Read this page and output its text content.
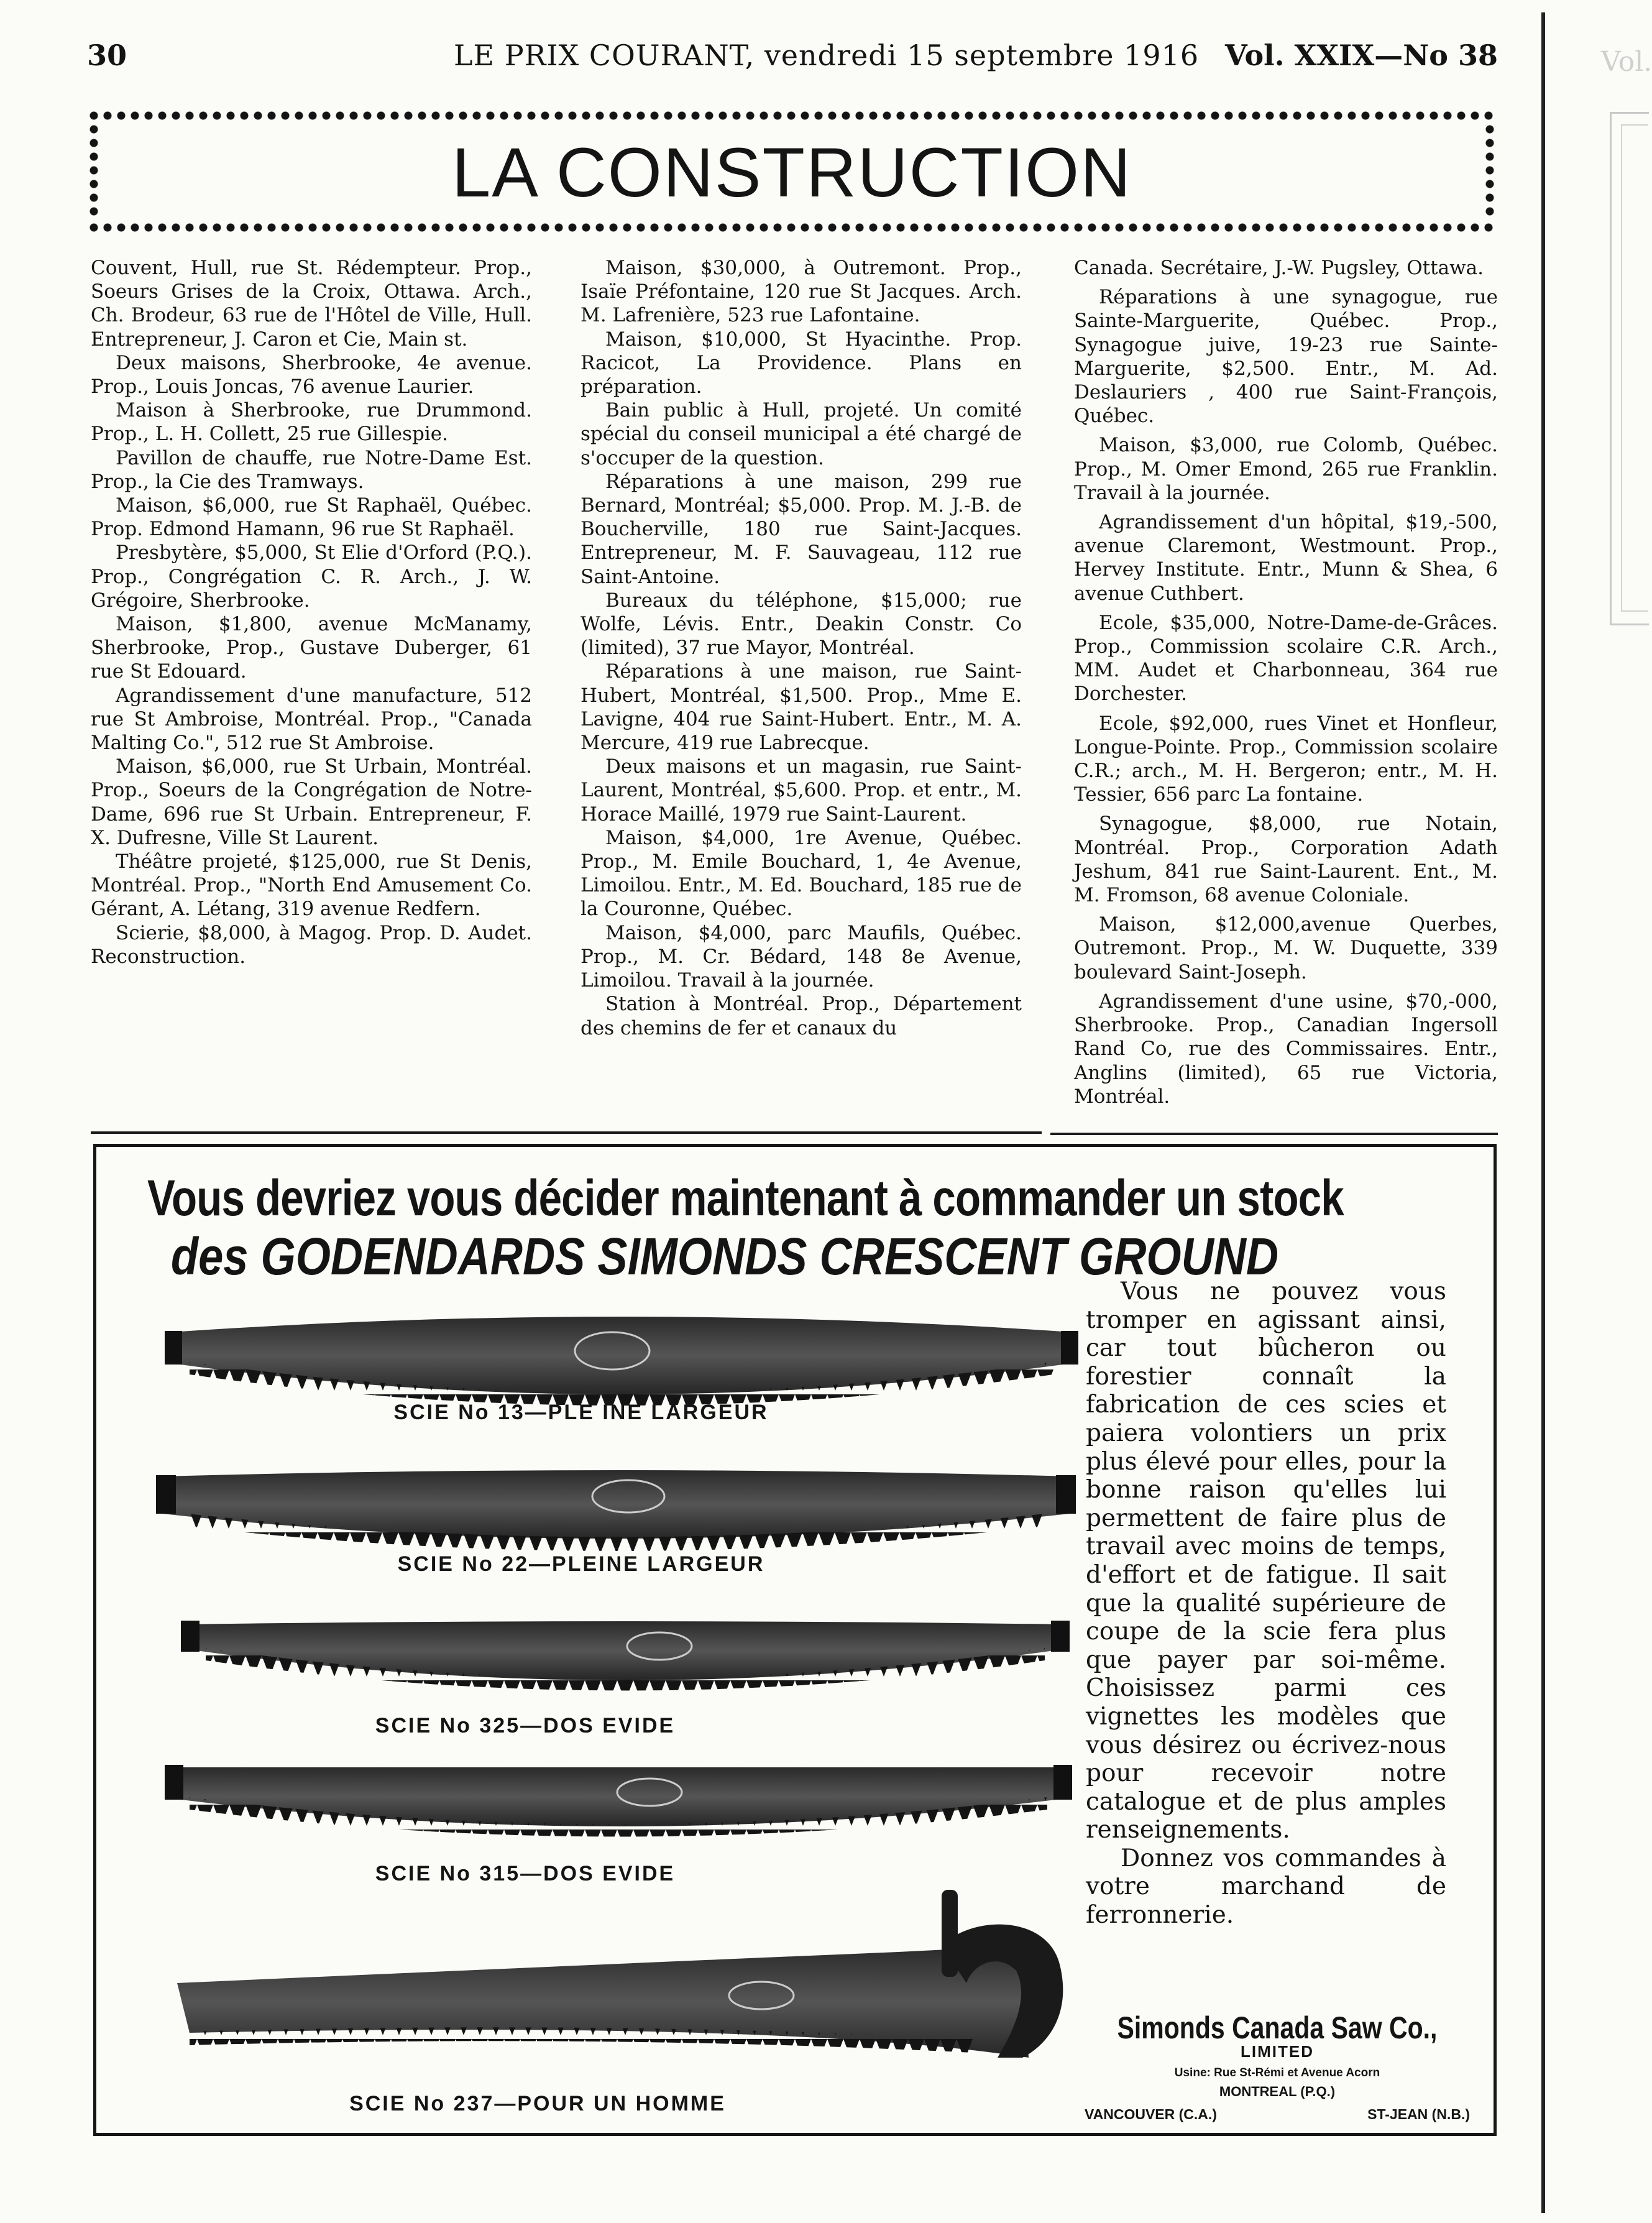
30	LE PRIX COURANT, vendredi 15 septembre 1916 Vol. XXIX—No 38	Vol.
LA CONSTRUCTION

Couvent, Hull, rue St. Rédempteur. Prop., Soeurs Grises de la Croix, Ottawa. Arch., Ch. Brodeur, 63 rue de l'Hôtel de Ville, Hull. Entrepreneur, J. Caron et Cie, Main st.

Deux maisons, Sherbrooke, 4e avenue. Prop., Louis Joncas, 76 avenue Laurier.

Maison à Sherbrooke, rue Drummond. Prop., L. H. Collett, 25 rue Gillespie.

Pavillon de chauffe, rue Notre-Dame Est. Prop., la Cie des Tramways.

Maison, $6,000, rue St Raphaël, Québec. Prop. Edmond Hamann, 96 rue St Raphaël.

Presbytère, $5,000, St Elie d'Orford (P.Q.). Prop., Congrégation C. R. Arch., J. W. Grégoire, Sherbrooke.

Maison, $1,800, avenue McManamy, Sherbrooke, Prop., Gustave Duberger, 61 rue St Edouard.

Agrandissement d'une manufacture, 512 rue St Ambroise, Montréal. Prop., "Canada Malting Co.", 512 rue St Ambroise.

Maison, $6,000, rue St Urbain, Montréal. Prop., Soeurs de la Congrégation de Notre-Dame, 696 rue St Urbain. Entrepreneur, F. X. Dufresne, Ville St Laurent.

Théâtre projeté, $125,000, rue St Denis, Montréal. Prop., "North End Amusement Co. Gérant, A. Létang, 319 avenue Redfern.

Scierie, $8,000, à Magog. Prop. D. Audet. Reconstruction.

Maison, $30,000, à Outremont. Prop., Isaïe Préfontaine, 120 rue St Jacques. Arch. M. Lafrenière, 523 rue Lafontaine.

Maison, $10,000, St Hyacinthe. Prop. Racicot, La Providence. Plans en préparation.

Bain public à Hull, projeté. Un comité spécial du conseil municipal a été chargé de s'occuper de la question.

Réparations à une maison, 299 rue Bernard, Montréal; $5,000. Prop. M. J.-B. de Boucherville, 180 rue Saint-Jacques. Entrepreneur, M. F. Sauvageau, 112 rue Saint-Antoine.

Bureaux du téléphone, $15,000; rue Wolfe, Lévis. Entr., Deakin Constr. Co (limited), 37 rue Mayor, Montréal.

Réparations à une maison, rue Saint-Hubert, Montréal, $1,500. Prop., Mme E. Lavigne, 404 rue Saint-Hubert. Entr., M. A. Mercure, 419 rue Labrecque.

Deux maisons et un magasin, rue Saint-Laurent, Montréal, $5,600. Prop. et entr., M. Horace Maillé, 1979 rue Saint-Laurent.

Maison, $4,000, 1re Avenue, Québec. Prop., M. Emile Bouchard, 1, 4e Avenue, Limoilou. Entr., M. Ed. Bouchard, 185 rue de la Couronne, Québec.

Maison, $4,000, parc Maufils, Québec. Prop., M. Cr. Bédard, 148 8e Avenue, Limoilou. Travail à la journée.

Station à Montréal. Prop., Département des chemins de fer et canaux du

Canada. Secrétaire, J.-W. Pugsley, Ottawa.

Réparations à une synagogue, rue Sainte-Marguerite, Québec. Prop., Synagogue juive, 19-23 rue Sainte-Marguerite, $2,500. Entr., M. Ad. Deslauriers , 400 rue Saint-François, Québec.

Maison, $3,000, rue Colomb, Québec. Prop., M. Omer Emond, 265 rue Franklin. Travail à la journée.

Agrandissement d'un hôpital, $19,-500, avenue Claremont, Westmount. Prop., Hervey Institute. Entr., Munn & Shea, 6 avenue Cuthbert.

Ecole, $35,000, Notre-Dame-de-Grâces. Prop., Commission scolaire C.R. Arch., MM. Audet et Charbonneau, 364 rue Dorchester.

Ecole, $92,000, rues Vinet et Honfleur, Longue-Pointe. Prop., Commission scolaire C.R.; arch., M. H. Bergeron; entr., M. H. Tessier, 656 parc La fontaine.

Synagogue, $8,000, rue Notain, Montréal. Prop., Corporation Adath Jeshum, 841 rue Saint-Laurent. Ent., M. M. Fromson, 68 avenue Coloniale.

Maison, $12,000,avenue Querbes, Outremont. Prop., M. W. Duquette, 339 boulevard Saint-Joseph.

Agrandissement d'une usine, $70,-000, Sherbrooke. Prop., Canadian Ingersoll Rand Co, rue des Commissaires. Entr., Anglins (limited), 65 rue Victoria, Montréal.

Vous devriez vous décider maintenant à commander un stock
des GODENDARDS SIMONDS CRESCENT GROUND
SCIE No 13—PLE INE LARGEUR
SCIE No 22—PLEINE LARGEUR
SCIE No 325—DOS EVIDE
SCIE No 315—DOS EVIDE
SCIE No 237—POUR UN HOMME

Vous ne pouvez vous tromper en agissant ainsi, car tout bûcheron ou forestier connaît la fabrication de ces scies et paiera volontiers un prix plus élevé pour elles, pour la bonne raison qu'elles lui permettent de faire plus de travail avec moins de temps, d'effort et de fatigue. Il sait que la qualité supérieure de coupe de la scie fera plus que payer par soi-même. Choisissez parmi ces vignettes les modèles que vous désirez ou écrivez-nous pour recevoir notre catalogue et de plus amples renseignements.

Donnez vos commandes à votre marchand de ferronnerie.

Simonds Canada Saw Co.,
LIMITED
Usine: Rue St-Rémi et Avenue Acorn
MONTREAL (P.Q.)
VANCOUVER (C.A.)	ST-JEAN (N.B.)
